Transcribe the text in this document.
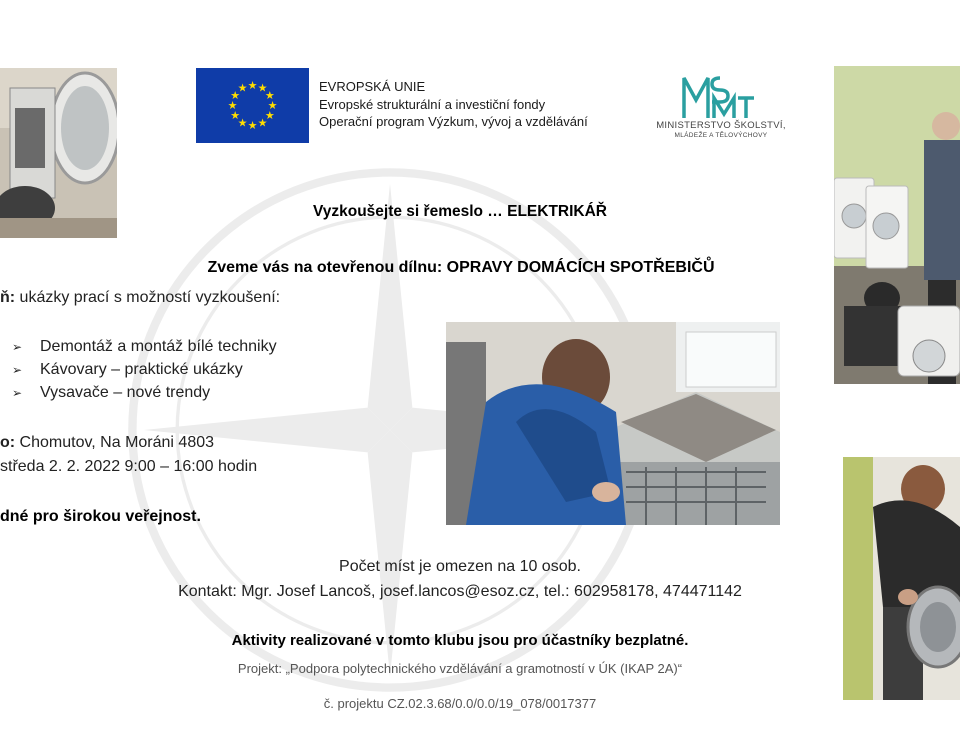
★ ★
★
★
★
★
★
★
★
★
★
★	EVROPSKÁ UNIE
Evropské strukturální a investiční fondy
Operační program Výzkum, vývoj a vzdělávání	MINISTERSTVO ŠKOLSTVÍ,
MLÁDEŽE A TĚLOVÝCHOVY
Vyzkoušejte si řemeslo … ELEKTRIKÁŘ
Zveme vás na otevřenou dílnu: OPRAVY DOMÁCÍCH SPOTŘEBIČŮ
ň: ukázky prací s možností vyzkoušení:
➢ Demontáž a montáž bílé techniky
➢ Kávovary – praktické ukázky
➢ Vysavače – nové trendy
o: Chomutov, Na Moráni 4803
středa 2. 2. 2022 9:00 – 16:00 hodin
dné pro širokou veřejnost.
Počet míst je omezen na 10 osob.
Kontakt: Mgr. Josef Lancoš, josef.lancos@esoz.cz, tel.: 602958178, 474471142
Aktivity realizované v tomto klubu jsou pro účastníky bezplatné.
Projekt: „Podpora polytechnického vzdělávání a gramotností v ÚK (IKAP 2A)“
č. projektu CZ.02.3.68/0.0/0.0/19_078/0017377
